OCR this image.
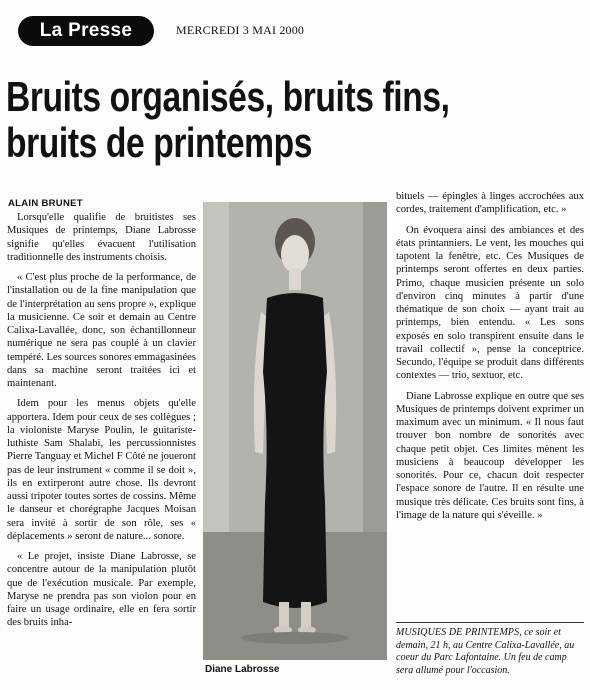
La Presse	MERCREDI 3 MAI 2000
Bruits organisés, bruits fins,
bruits de printemps
ALAIN BRUNET

Lorsqu'elle qualifie de bruitistes ses Musiques de printemps, Diane Labrosse signifie qu'elles évacuent l'utilisation traditionnelle des instruments choisis.

« C'est plus proche de la performance, de l'installation ou de la fine manipulation que de l'interprétation au sens propre », explique la musicienne. Ce soir et demain au Centre Calixa-Lavallée, donc, son échantillonneur numérique ne sera pas couplé à un clavier tempéré. Les sources sonores emmagasinées dans sa machine seront traitées ici et maintenant.

Idem pour les menus objets qu'elle apportera. Idem pour ceux de ses collègues ; la violoniste Maryse Poulin, le guitariste-luthiste Sam Shalabi, les percussionnistes Pierre Tanguay et Michel F Côté ne joueront pas de leur instrument « comme il se doit », ils en extirperont autre chose. Ils devront aussi tripoter toutes sortes de cossins. Même le danseur et chorégraphe Jacques Moisan sera invité à sortir de son rôle, ses « déplacements » seront de nature... sonore.

« Le projet, insiste Diane Labrosse, se concentre autour de la manipulation plutôt que de l'exécution musicale. Par exemple, Maryse ne prendra pas son violon pour en faire un usage ordinaire, elle en fera sortir des bruits inha-

Diane Labrosse

bituels — épingles à linges accrochées aux cordes, traitement d'amplification, etc. »

On évoquera ainsi des ambiances et des états printanniers. Le vent, les mouches qui tapotent la fenêtre, etc. Ces Musiques de printemps seront offertes en deux parties. Primo, chaque musicien présente un solo d'environ cinq minutes à partir d'une thématique de son choix — ayant trait au printemps, bien entendu. « Les sons exposés en solo transpirent ensuite dans le travail collectif », pense la conceptrice. Secundo, l'équipe se produit dans différents contextes — trio, sextuor, etc.

Diane Labrosse explique en outre que ses Musiques de printemps doivent exprimer un maximum avec un minimum. « Il nous faut trouver bon nombre de sonorités avec chaque petit objet. Ces limites mènent les musiciens à beaucoup développer les sonorités. Pour ce, chacun doit respecter l'espace sonore de l'autre. Il en résulte une musique très délicate. Ces bruits sont fins, à l'image de la nature qui s'éveille. »

MUSIQUES DE PRINTEMPS, ce soir et demain, 21 h, au Centre Calixa-Lavallée, au coeur du Parc Lafontaine. Un feu de camp sera allumé pour l'occasion.
